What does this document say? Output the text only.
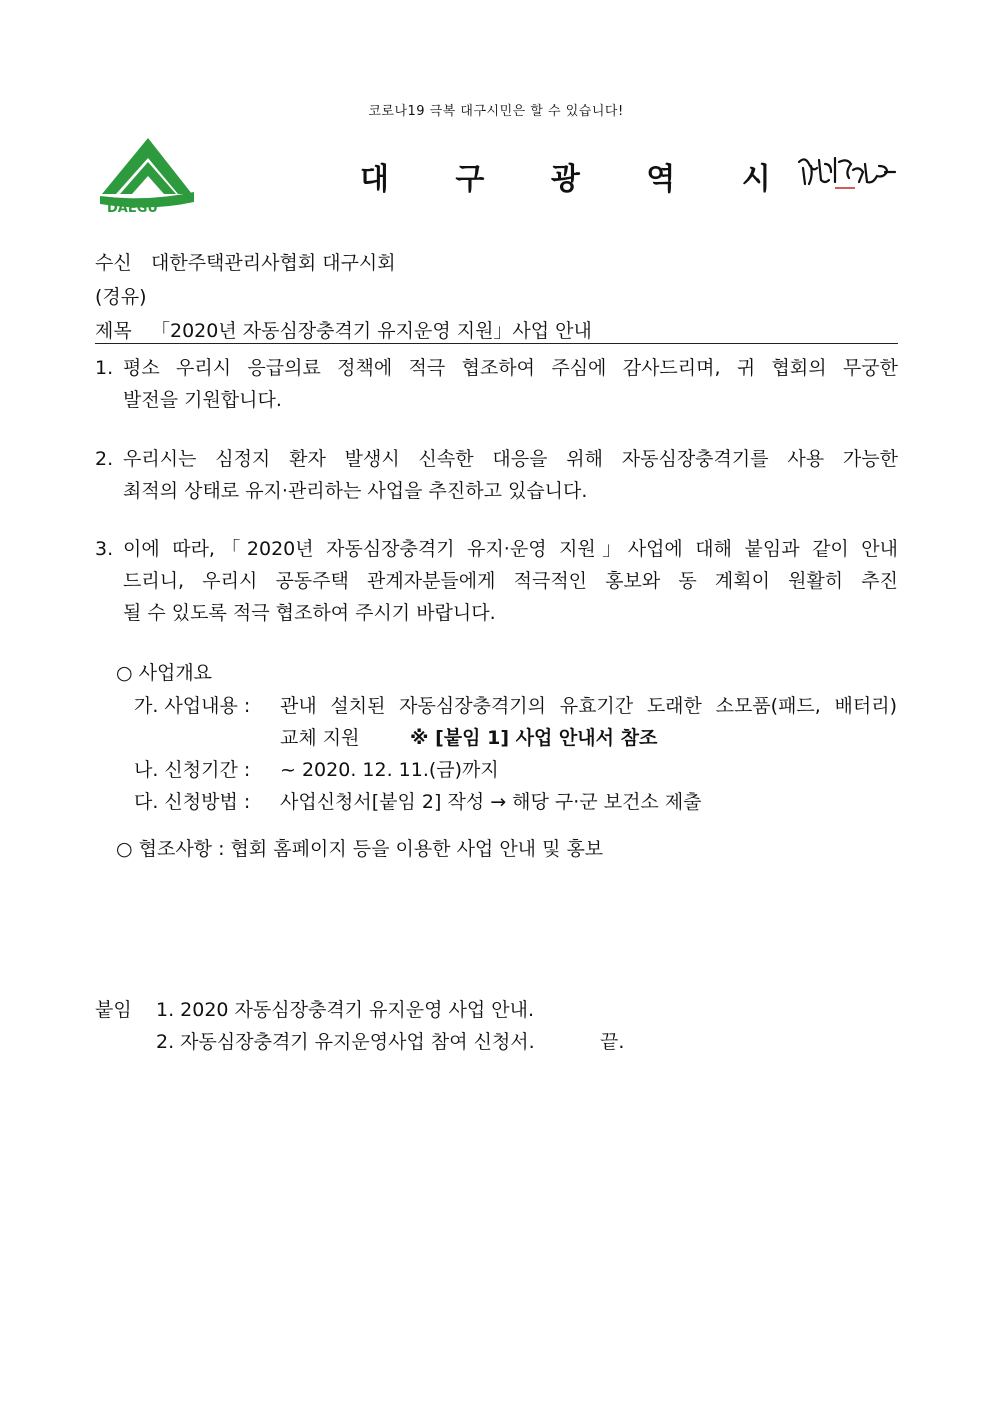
코로나19 극복 대구시민은 할 수 있습니다!
DAEGU
대 구 광 역 시
수신 대한주택관리사협회 대구시회
(경유)
제목 「2020년 자동심장충격기 유지운영 지원」사업 안내
1. 평소 우리시 응급의료 정책에 적극 협조하여 주심에 감사드리며, 귀 협회의 무궁한
발전을 기원합니다.
2. 우리시는 심정지 환자 발생시 신속한 대응을 위해 자동심장충격기를 사용 가능한
최적의 상태로 유지·관리하는 사업을 추진하고 있습니다.
3. 이에 따라,「2020년 자동심장충격기 유지·운영 지원」사업에 대해 붙임과 같이 안내
드리니, 우리시 공동주택 관계자분들에게 적극적인 홍보와 동 계획이 원활히 추진
될 수 있도록 적극 협조하여 주시기 바랍니다.
○ 사업개요
가. 사업내용 : 관내 설치된 자동심장충격기의 유효기간 도래한 소모품(패드, 배터리)
교체 지원	※ [붙임 1] 사업 안내서 참조
나. 신청기간 : ~ 2020. 12. 11.(금)까지
다. 신청방법 : 사업신청서[붙임 2] 작성 → 해당 구·군 보건소 제출
○ 협조사항 : 협회 홈페이지 등을 이용한 사업 안내 및 홍보
붙임 1. 2020 자동심장충격기 유지운영 사업 안내.
2. 자동심장충격기 유지운영사업 참여 신청서.	끝.
